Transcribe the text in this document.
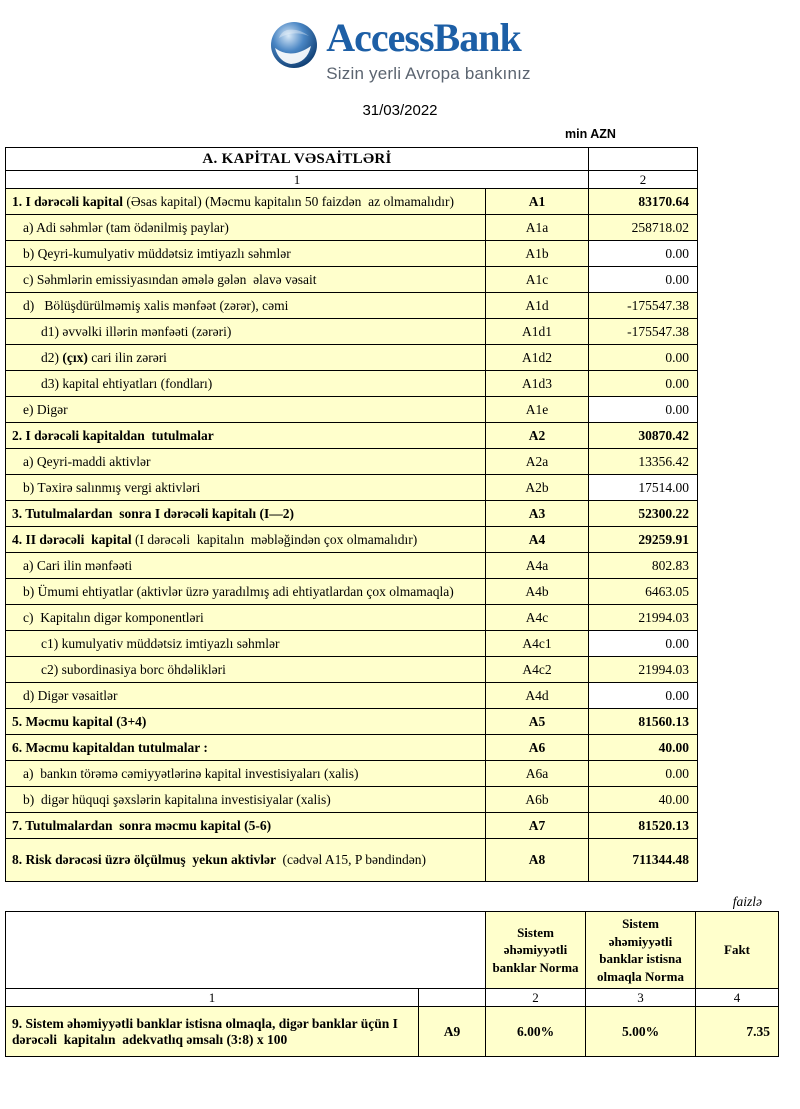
AccessBank
Sizin yerli Avropa bankınız
31/03/2022
min AZN
A. KAPİTAL VƏSAİTLƏRİ		
1		2
1. I dərəcəli kapital (Əsas kapital) (Məcmu kapitalın 50 faizdən  az olmamalıdır)	A1	83170.64
a) Adi səhmlər (tam ödənilmiş paylar)	A1a	258718.02
b) Qeyri-kumulyativ müddətsiz imtiyazlı səhmlər	A1b	0.00
c) Səhmlərin emissiyasından əmələ gələn  əlavə vəsait	A1c	0.00
d)   Bölüşdürülməmiş xalis mənfəət (zərər), cəmi	A1d	-175547.38
d1) əvvəlki illərin mənfəəti (zərəri)	A1d1	-175547.38
d2) (çıx) cari ilin zərəri	A1d2	0.00
d3) kapital ehtiyatları (fondları)	A1d3	0.00
e) Digər	A1e	0.00
2. I dərəcəli kapitaldan  tutulmalar	A2	30870.42
a) Qeyri-maddi aktivlər	A2a	13356.42
b) Təxirə salınmış vergi aktivləri	A2b	17514.00
3. Tutulmalardan  sonra I dərəcəli kapitalı (I—2)	A3	52300.22
4. II dərəcəli  kapital (I dərəcəli  kapitalın  məbləğindən çox olmamalıdır)	A4	29259.91
a) Cari ilin mənfəəti	A4a	802.83
b) Ümumi ehtiyatlar (aktivlər üzrə yaradılmış adi ehtiyatlardan çox olmamaqla)	A4b	6463.05
c)  Kapitalın digər komponentləri	A4c	21994.03
c1) kumulyativ müddətsiz imtiyazlı səhmlər	A4c1	0.00
c2) subordinasiya borc öhdəlikləri	A4c2	21994.03
d) Digər vəsaitlər	A4d	0.00
5. Məcmu kapital (3+4)	A5	81560.13
6. Məcmu kapitaldan tutulmalar :	A6	40.00
a)  bankın törəmə cəmiyyətlərinə kapital investisiyaları (xalis)	A6a	0.00
b)  digər hüquqi şəxslərin kapitalına investisiyalar (xalis)	A6b	40.00
7. Tutulmalardan  sonra məcmu kapital (5-6)	A7	81520.13
8. Risk dərəcəsi üzrə ölçülmuş  yekun aktivlər  (cədvəl A15, P bəndindən)	A8	711344.48
faizlə
		Sistem əhəmiyyətli banklar Norma	Sistem əhəmiyyətli banklar istisna olmaqla Norma	Fakt
1		2	3	4
9. Sistem əhəmiyyətli banklar istisna olmaqla, digər banklar üçün I dərəcəli  kapitalın  adekvatlıq əmsalı (3:8) x 100	A9	6.00%	5.00%	7.35
